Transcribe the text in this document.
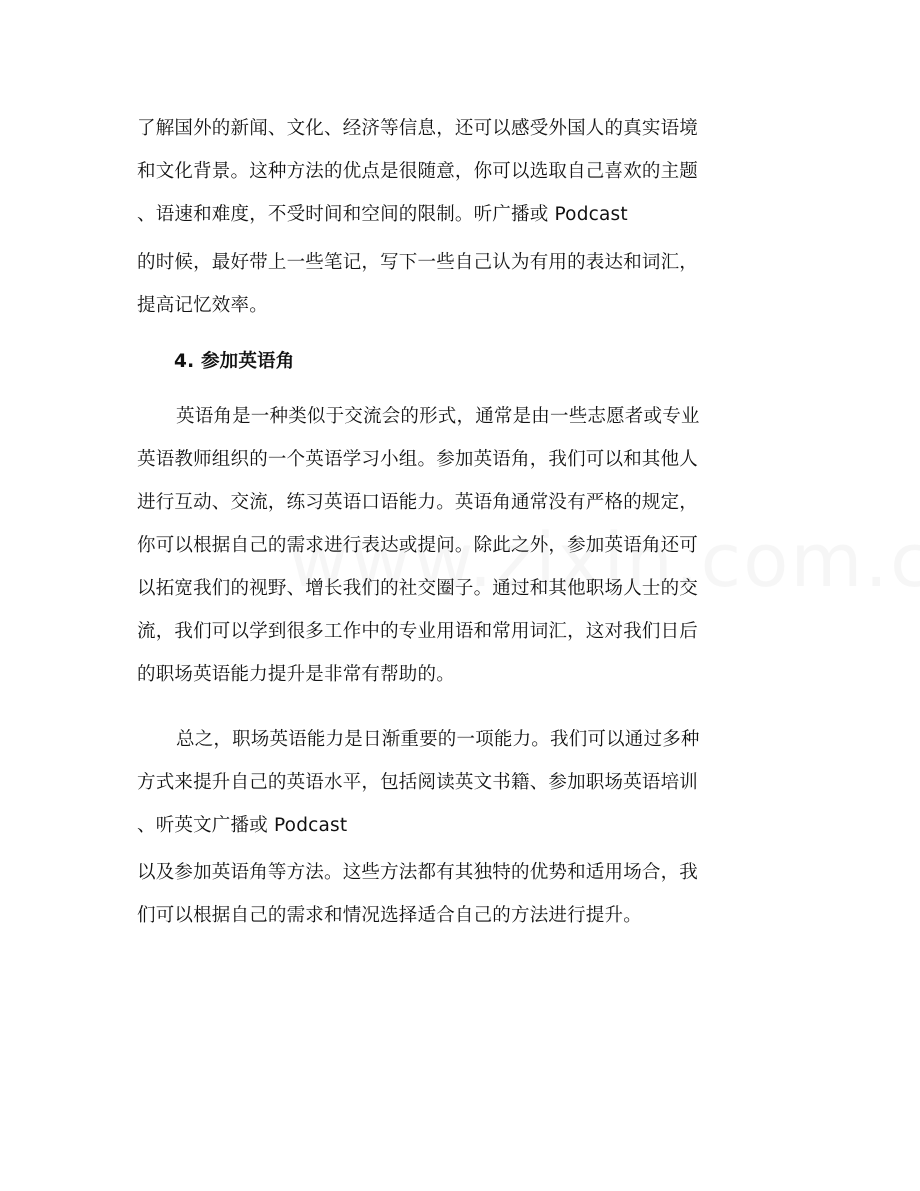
了解国外的新闻、文化、经济等信息，还可以感受外国人的真实语境
和文化背景。这种方法的优点是很随意，你可以选取自己喜欢的主题
、语速和难度，不受时间和空间的限制。听广播或 Podcast
的时候，最好带上一些笔记，写下一些自己认为有用的表达和词汇，
提高记忆效率。
4. 参加英语角
英语角是一种类似于交流会的形式，通常是由一些志愿者或专业
英语教师组织的一个英语学习小组。参加英语角，我们可以和其他人
进行互动、交流，练习英语口语能力。英语角通常没有严格的规定，
你可以根据自己的需求进行表达或提问。除此之外，参加英语角还可
以拓宽我们的视野、增长我们的社交圈子。通过和其他职场人士的交
流，我们可以学到很多工作中的专业用语和常用词汇，这对我们日后
的职场英语能力提升是非常有帮助的。
总之，职场英语能力是日渐重要的一项能力。我们可以通过多种
方式来提升自己的英语水平，包括阅读英文书籍、参加职场英语培训
、听英文广播或 Podcast
以及参加英语角等方法。这些方法都有其独特的优势和适用场合，我
们可以根据自己的需求和情况选择适合自己的方法进行提升。
